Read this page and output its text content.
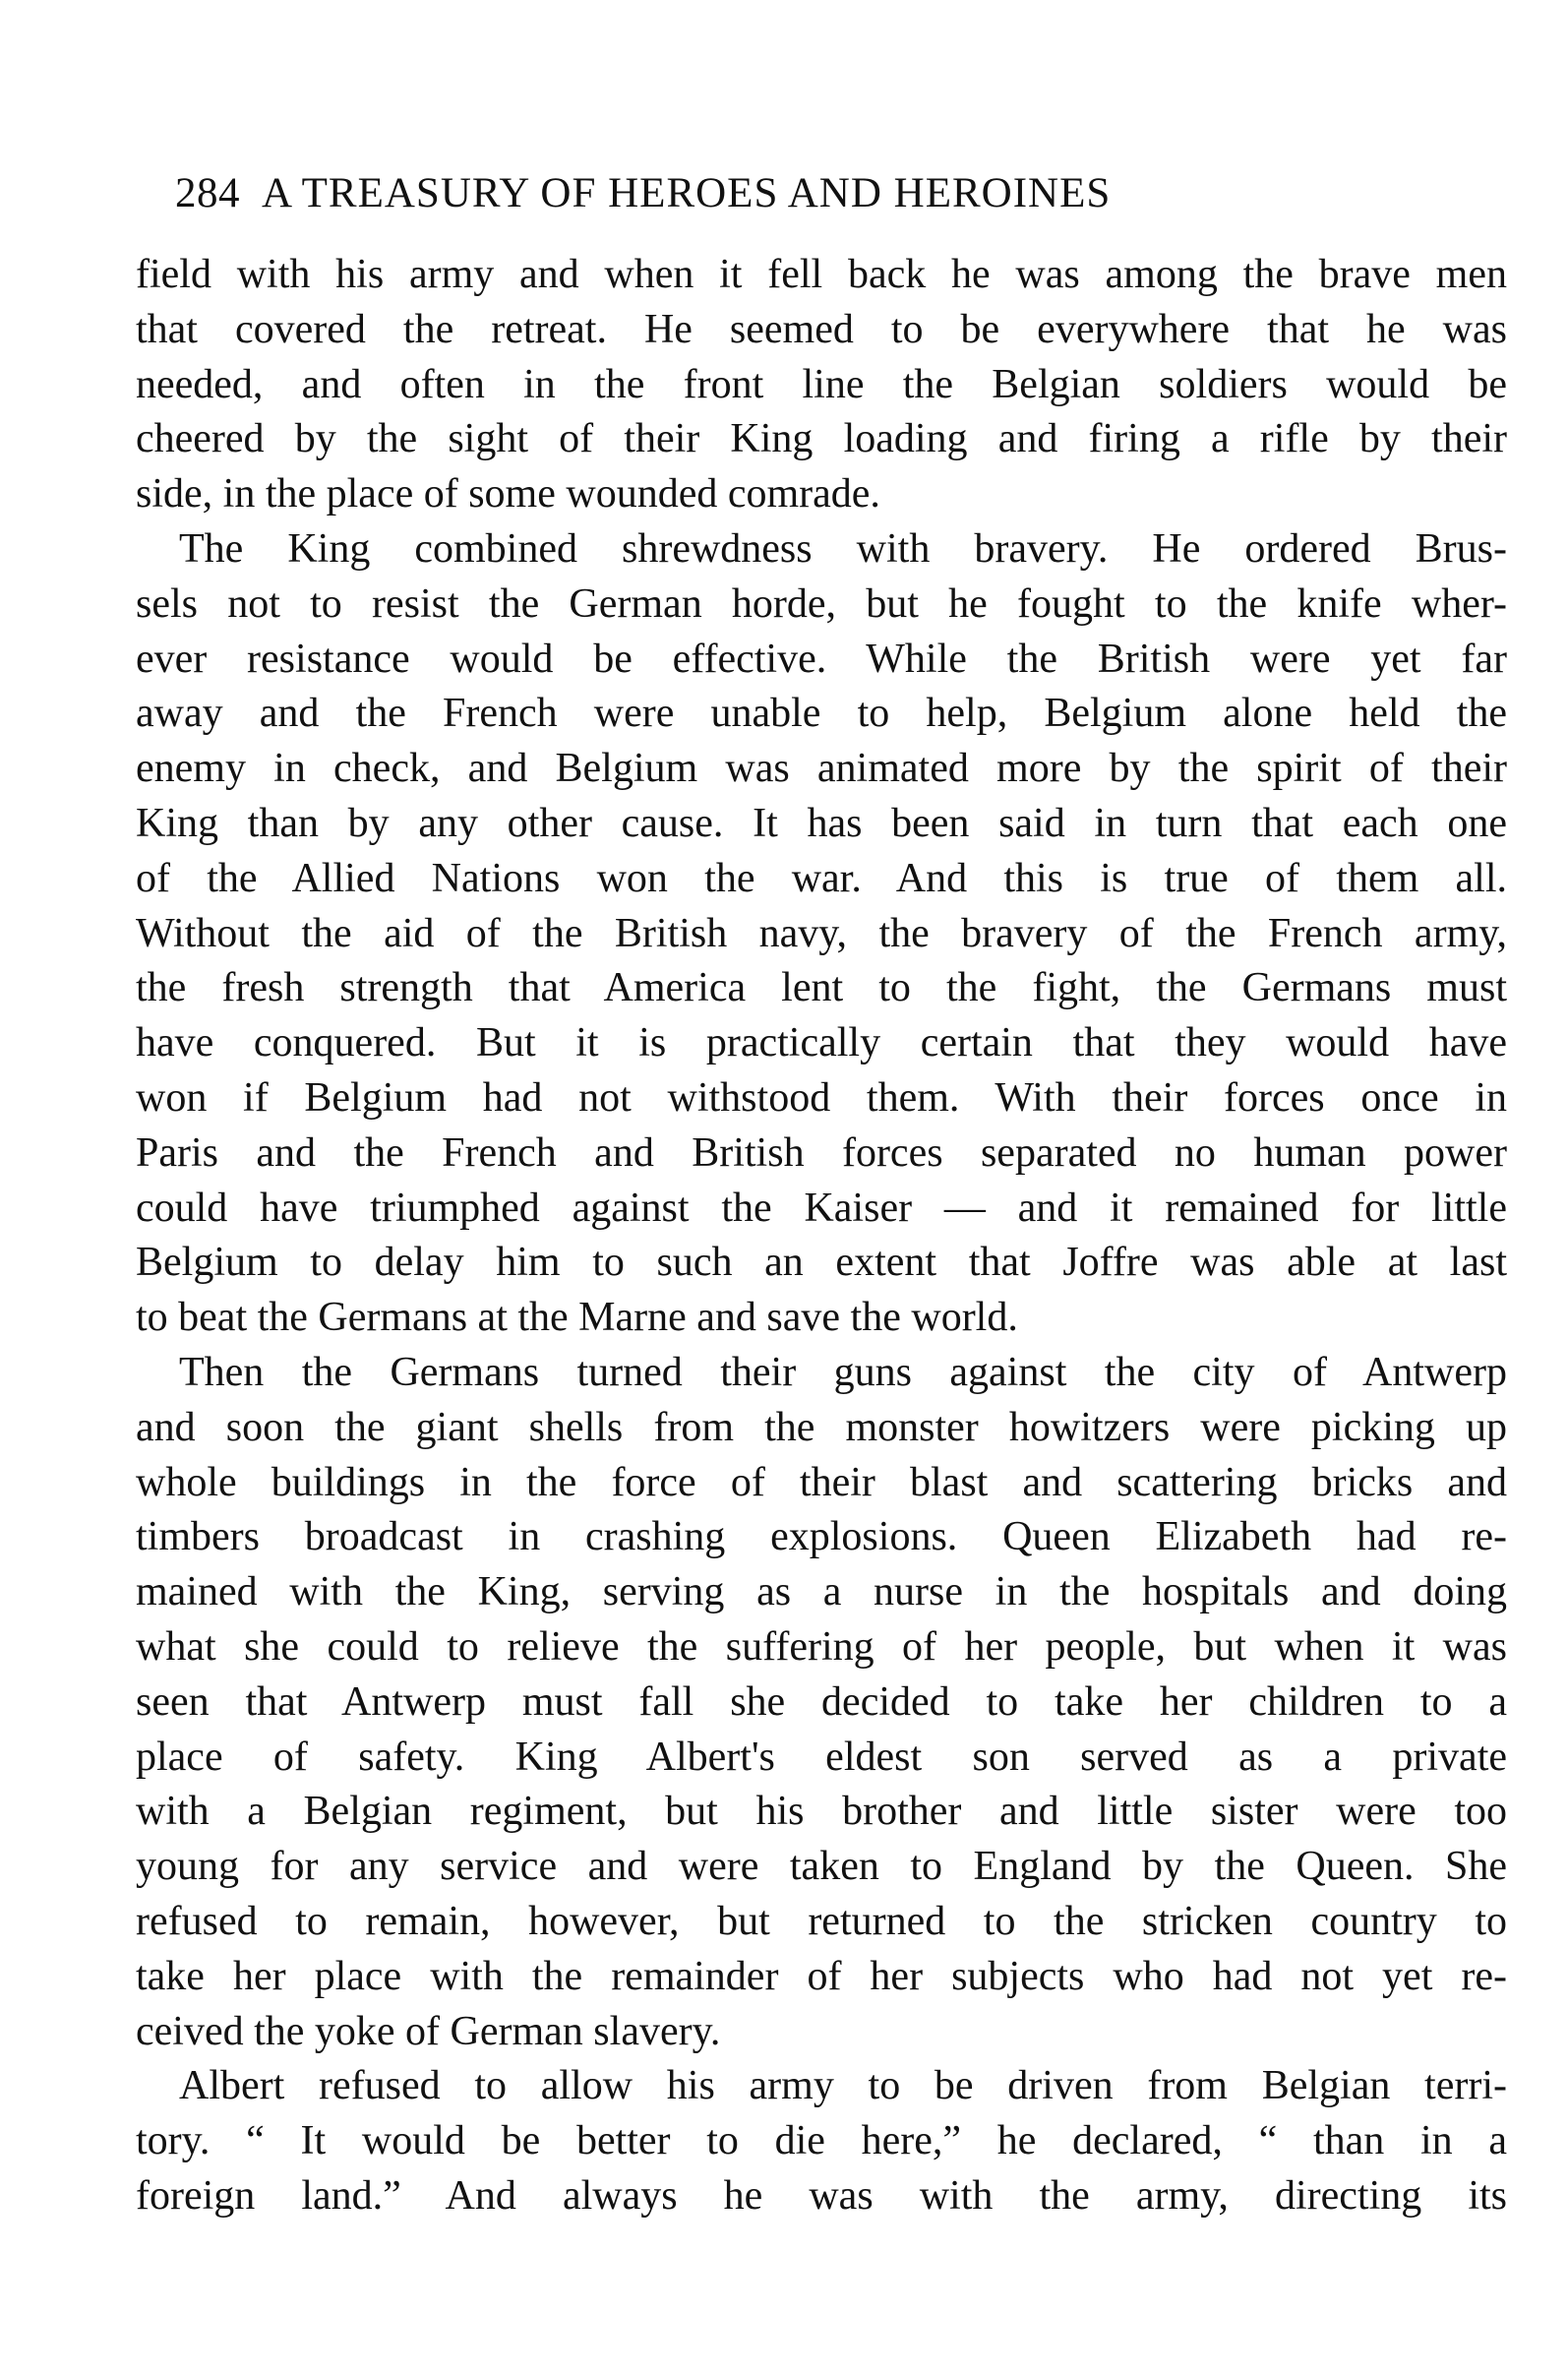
284 A TREASURY OF HEROES AND HEROINES
field with his army and when it fell back he was among the brave men
that covered the retreat. He seemed to be everywhere that he was
needed, and often in the front line the Belgian soldiers would be
cheered by the sight of their King loading and firing a rifle by their
side, in the place of some wounded comrade.
The King combined shrewdness with bravery. He ordered Brus-
sels not to resist the German horde, but he fought to the knife wher-
ever resistance would be effective. While the British were yet far
away and the French were unable to help, Belgium alone held the
enemy in check, and Belgium was animated more by the spirit of their
King than by any other cause. It has been said in turn that each one
of the Allied Nations won the war. And this is true of them all.
Without the aid of the British navy, the bravery of the French army,
the fresh strength that America lent to the fight, the Germans must
have conquered. But it is practically certain that they would have
won if Belgium had not withstood them. With their forces once in
Paris and the French and British forces separated no human power
could have triumphed against the Kaiser — and it remained for little
Belgium to delay him to such an extent that Joffre was able at last
to beat the Germans at the Marne and save the world.
Then the Germans turned their guns against the city of Antwerp
and soon the giant shells from the monster howitzers were picking up
whole buildings in the force of their blast and scattering bricks and
timbers broadcast in crashing explosions. Queen Elizabeth had re-
mained with the King, serving as a nurse in the hospitals and doing
what she could to relieve the suffering of her people, but when it was
seen that Antwerp must fall she decided to take her children to a
place of safety. King Albert's eldest son served as a private
with a Belgian regiment, but his brother and little sister were too
young for any service and were taken to England by the Queen. She
refused to remain, however, but returned to the stricken country to
take her place with the remainder of her subjects who had not yet re-
ceived the yoke of German slavery.
Albert refused to allow his army to be driven from Belgian terri-
tory. “ It would be better to die here,” he declared, “ than in a
foreign land.” And always he was with the army, directing its
